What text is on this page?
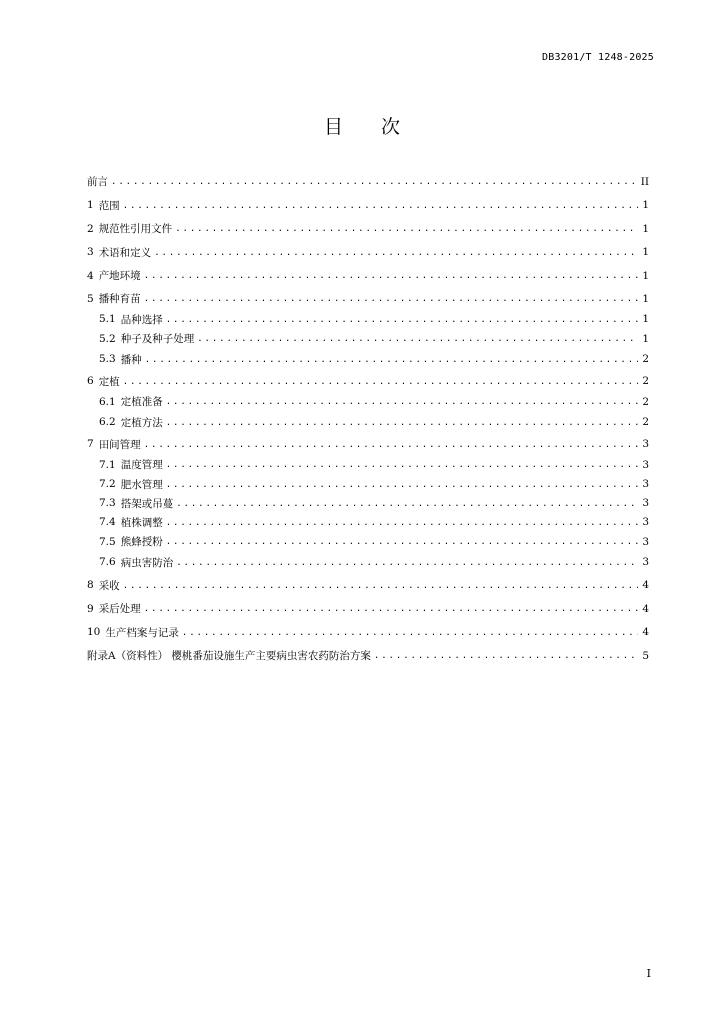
DB3201/T 1248-2025
目 次
前言 .....	II
1 范围 .....	1
2 规范性引用文件 .....	1
3 术语和定义 .....	1
4 产地环境 .....	1
5 播种育苗 .....	1
5.1 品种选择 .....	1
5.2 种子及种子处理 .....	1
5.3 播种 .....	2
6 定植 .....	2
6.1 定植准备 .....	2
6.2 定植方法 .....	2
7 田间管理 .....	3
7.1 温度管理 .....	3
7.2 肥水管理 .....	3
7.3 搭架或吊蔓 .....	3
7.4 植株调整 .....	3
7.5 熊蜂授粉 .....	3
7.6 病虫害防治 .....	3
8 采收 .....	4
9 采后处理 .....	4
10 生产档案与记录 .....	4
附录A（资料性） 樱桃番茄设施生产主要病虫害农药防治方案 .....	5
I
